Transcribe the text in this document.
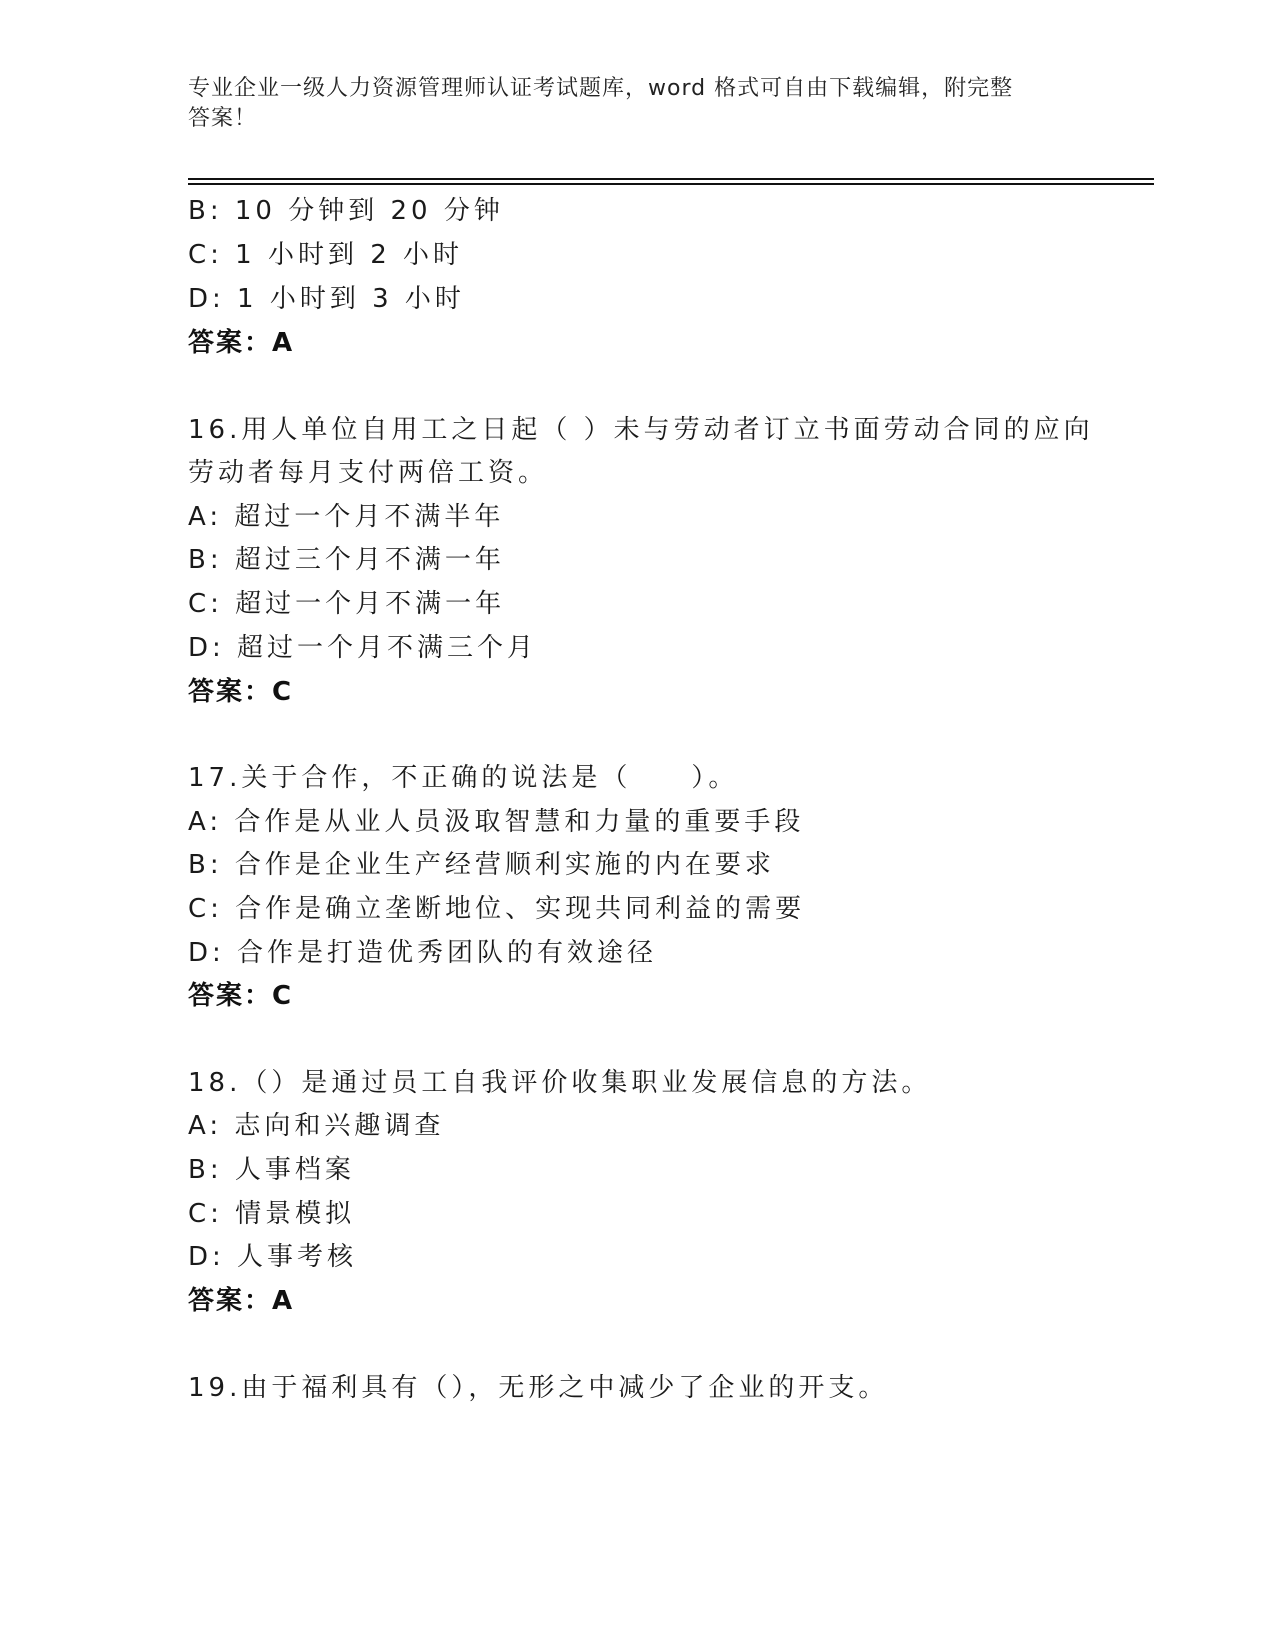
专业企业一级人力资源管理师认证考试题库，word 格式可自由下载编辑，附完整
答案！
B: 10 分钟到 20 分钟
C: 1 小时到 2 小时
D: 1 小时到 3 小时
答案：A
16.用人单位自用工之日起（ ）未与劳动者订立书面劳动合同的应向
劳动者每月支付两倍工资。
A: 超过一个月不满半年
B: 超过三个月不满一年
C: 超过一个月不满一年
D: 超过一个月不满三个月
答案：C
17.关于合作，不正确的说法是（　　）。
A: 合作是从业人员汲取智慧和力量的重要手段
B: 合作是企业生产经营顺利实施的内在要求
C: 合作是确立垄断地位、实现共同利益的需要
D: 合作是打造优秀团队的有效途径
答案：C
18.（）是通过员工自我评价收集职业发展信息的方法。
A: 志向和兴趣调查
B: 人事档案
C: 情景模拟
D: 人事考核
答案：A
19.由于福利具有（），无形之中减少了企业的开支。
